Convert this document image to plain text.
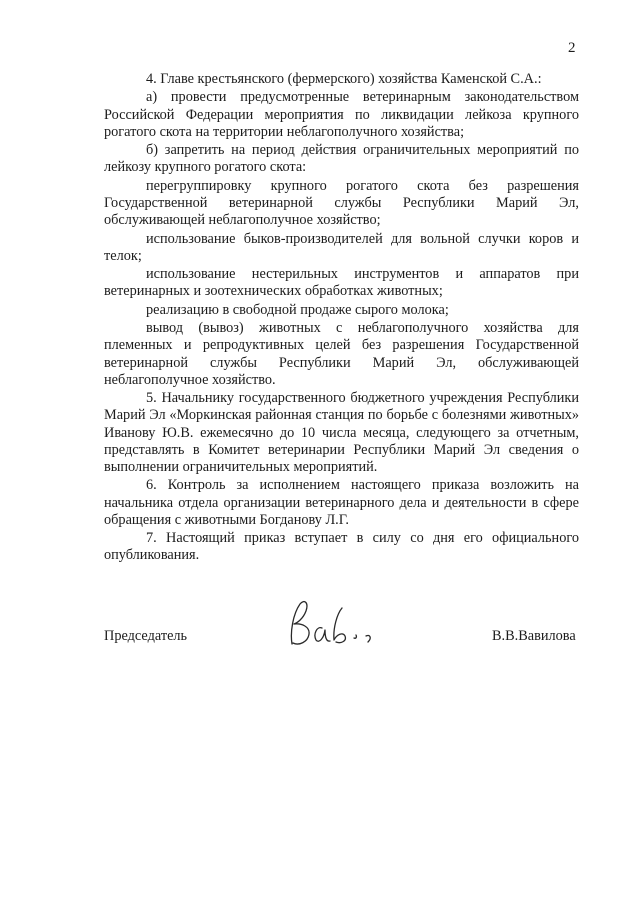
2

4. Главе крестьянского (фермерского) хозяйства Каменской С.А.:

а) провести предусмотренные ветеринарным законодательством Российской Федерации мероприятия по ликвидации лейкоза крупного рогатого скота на территории неблагополучного хозяйства;

б) запретить на период действия ограничительных мероприятий по лейкозу крупного рогатого скота:

перегруппировку крупного рогатого скота без разрешения Государственной ветеринарной службы Республики Марий Эл, обслуживающей неблагополучное хозяйство;

использование быков-производителей для вольной случки коров и телок;

использование нестерильных инструментов и аппаратов при ветеринарных и зоотехнических обработках животных;

реализацию в свободной продаже сырого молока;

вывод (вывоз) животных с неблагополучного хозяйства для племенных и репродуктивных целей без разрешения Государственной ветеринарной службы Республики Марий Эл, обслуживающей неблагополучное хозяйство.

5. Начальнику государственного бюджетного учреждения Республики Марий Эл «Моркинская районная станция по борьбе с болезнями животных» Иванову Ю.В. ежемесячно до 10 числа месяца, следующего за отчетным, представлять в Комитет ветеринарии Республики Марий Эл сведения о выполнении ограничительных мероприятий.

6. Контроль за исполнением настоящего приказа возложить на начальника отдела организации ветеринарного дела и деятельности в сфере обращения с животными Богданову Л.Г.

7. Настоящий приказ вступает в силу со дня его официального опубликования.

Председатель	В.В.Вавилова
